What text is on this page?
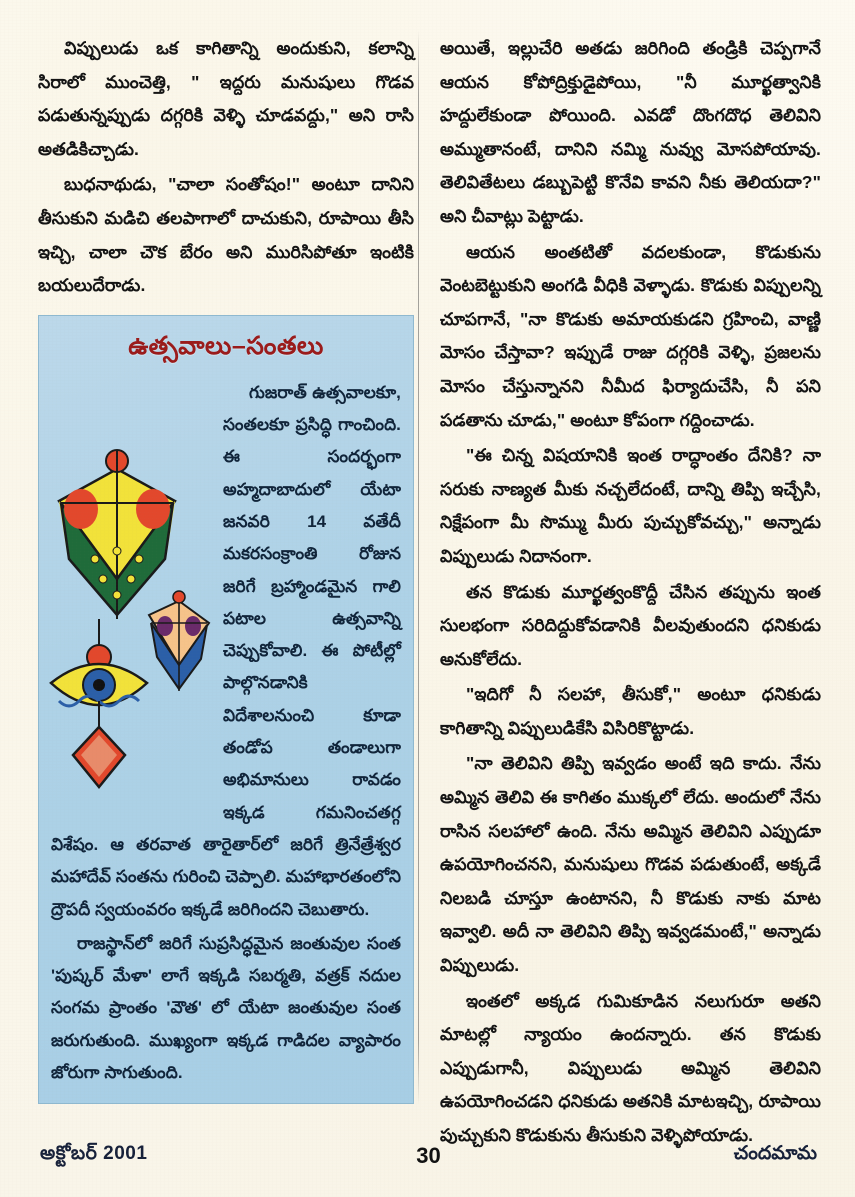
విప్పులుడు ఒక కాగితాన్ని అందుకుని, కలాన్ని సిరాలో ముంచెత్తి, " ఇద్దరు మనుషులు గొడవ పడుతున్నప్పుడు దగ్గరికి వెళ్ళి చూడవద్దు," అని రాసి అతడికిచ్చాడు.

బుధనాథుడు, "చాలా సంతోషం!" అంటూ దానిని తీసుకుని మడిచి తలపాగాలో దాచుకుని, రూపాయి తీసి ఇచ్చి, చాలా చౌక బేరం అని మురిసిపోతూ ఇంటికి బయలుదేరాడు.

ఉత్సవాలు–సంతలు

గుజరాత్ ఉత్సవాలకూ, సంతలకూ ప్రసిద్ధి గాంచింది. ఈ సందర్భంగా అహ్మదాబాదులో యేటా జనవరి 14 వతేదీ మకరసంక్రాంతి రోజున జరిగే బ్రహ్మాండమైన గాలి పటాల ఉత్సవాన్ని చెప్పుకోవాలి. ఈ పోటీల్లో పాల్గొనడానికి విదేశాలనుంచి కూడా తండోప తండాలుగా అభిమానులు రావడం ఇక్కడ గమనించతగ్గ విశేషం. ఆ తరవాత తారైతార్‌లో జరిగే త్రినేత్రేశ్వర మహాదేవ్ సంతను గురించి చెప్పాలి. మహాభారతంలోని ద్రౌపదీ స్వయంవరం ఇక్కడే జరిగిందని చెబుతారు.

రాజస్థాన్‌లో జరిగే సుప్రసిద్ధమైన జంతువుల సంత 'పుష్కర్ మేళా' లాగే ఇక్కడి సబర్మతి, వత్రక్ నదుల సంగమ ప్రాంతం 'వౌత' లో యేటా జంతువుల సంత జరుగుతుంది. ముఖ్యంగా ఇక్కడ గాడిదల వ్యాపారం జోరుగా సాగుతుంది.

అయితే, ఇల్లుచేరి అతడు జరిగింది తండ్రికి చెప్పగానే ఆయన కోపోద్రిక్తుడైపోయి, "నీ మూర్ఖత్వానికి హద్దులేకుండా పోయింది. ఎవడో దొంగదొధ తెలివిని అమ్ముతానంటే, దానిని నమ్మి నువ్వు మోసపోయావు. తెలివితేటలు డబ్బుపెట్టి కొనేవి కావని నీకు తెలియదా?" అని చీవాట్లు పెట్టాడు.

ఆయన అంతటితో వదలకుండా, కొడుకును వెంటబెట్టుకుని అంగడి వీధికి వెళ్ళాడు. కొడుకు విప్పులన్ని చూపగానే, "నా కొడుకు అమాయకుడని గ్రహించి, వాణ్ణి మోసం చేస్తావా? ఇప్పుడే రాజు దగ్గరికి వెళ్ళి, ప్రజలను మోసం చేస్తున్నానని నీమీద ఫిర్యాదుచేసి, నీ పని పడతాను చూడు," అంటూ కోపంగా గద్దించాడు.

"ఈ చిన్న విషయానికి ఇంత రాద్ధాంతం దేనికి? నా సరుకు నాణ్యత మీకు నచ్చలేదంటే, దాన్ని తిప్పి ఇచ్చేసి, నిక్షేపంగా మీ సొమ్ము మీరు పుచ్చుకోవచ్చు," అన్నాడు విప్పులుడు నిదానంగా.

తన కొడుకు మూర్ఖత్వంకొద్దీ చేసిన తప్పును ఇంత సులభంగా సరిదిద్దుకోవడానికి వీలవుతుందని ధనికుడు అనుకోలేదు.

"ఇదిగో నీ సలహా, తీసుకో," అంటూ ధనికుడు కాగితాన్ని విప్పులుడికేసి విసిరికొట్టాడు.

"నా తెలివిని తిప్పి ఇవ్వడం అంటే ఇది కాదు. నేను అమ్మిన తెలివి ఈ కాగితం ముక్కలో లేదు. అందులో నేను రాసిన సలహాలో ఉంది. నేను అమ్మిన తెలివిని ఎప్పుడూ ఉపయోగించనని, మనుషులు గొడవ పడుతుంటే, అక్కడే నిలబడి చూస్తూ ఉంటానని, నీ కొడుకు నాకు మాట ఇవ్వాలి. అదీ నా తెలివిని తిప్పి ఇవ్వడమంటే," అన్నాడు విప్పులుడు.

ఇంతలో అక్కడ గుమికూడిన నలుగురూ అతని మాటల్లో న్యాయం ఉందన్నారు. తన కొడుకు ఎప్పుడుగానీ, విప్పులుడు అమ్మిన తెలివిని ఉపయోగించడని ధనికుడు అతనికి మాటఇచ్చి, రూపాయి పుచ్చుకుని కొడుకును తీసుకుని వెళ్ళిపోయాడు.

అక్టోబర్ 2001	30	చందమామ
